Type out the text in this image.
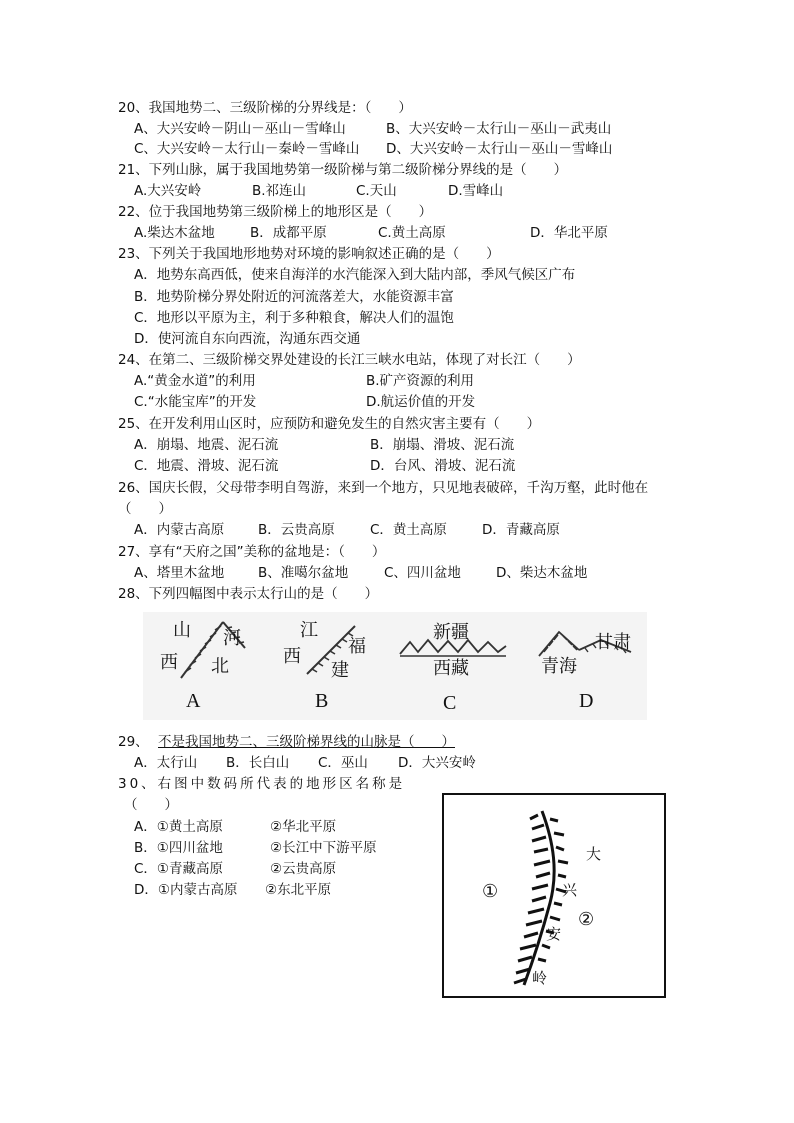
20、我国地势二、三级阶梯的分界线是：（　　）
A、大兴安岭－阴山－巫山－雪峰山	B、大兴安岭－太行山－巫山－武夷山
C、大兴安岭－太行山－秦岭－雪峰山 D、大兴安岭－太行山－巫山－雪峰山
21、下列山脉，属于我国地势第一级阶梯与第二级阶梯分界线的是（　　）
A.大兴安岭	B.祁连山	C.天山	D.雪峰山
22、位于我国地势第三级阶梯上的地形区是（　　）
A.柴达木盆地	B．成都平原	C.黄土高原	D．华北平原
23、下列关于我国地形地势对环境的影响叙述正确的是（　　）
A．地势东高西低，使来自海洋的水汽能深入到大陆内部，季风气候区广布
B．地势阶梯分界处附近的河流落差大，水能资源丰富
C．地形以平原为主，利于多种粮食，解决人们的温饱
D．使河流自东向西流，沟通东西交通
24、在第二、三级阶梯交界处建设的长江三峡水电站，体现了对长江（　　）
A.“黄金水道”的利用	B.矿产资源的利用
C.“水能宝库”的开发	D.航运价值的开发
25、在开发利用山区时，应预防和避免发生的自然灾害主要有（　　）
A．崩塌、地震、泥石流	B．崩塌、滑坡、泥石流
C．地震、滑坡、泥石流	D．台风、滑坡、泥石流
26、国庆长假，父母带李明自驾游，来到一个地方，只见地表破碎，千沟万壑，此时他在
（　　）
A．内蒙古高原	B．云贵高原	C．黄土高原	D．青藏高原
27、享有“天府之国”美称的盆地是：（　　）
A、塔里木盆地	B、准噶尔盆地	C、四川盆地	D、柴达木盆地
28、下列四幅图中表示太行山的是（　　）
山 河
西 北
A
江
福
西
建
B
新疆
西藏
C
甘肃
青海
D
29、 不是我国地势二、三级阶梯界线的山脉是（　　）
A．太行山 B．长白山 C．巫山 D．大兴安岭
30、右图中数码所代表的地形区名称是
（　　）
A．①黄土高原	②华北平原
B．①四川盆地	②长江中下游平原
C．①青藏高原	②云贵高原
D．①内蒙古高原 ②东北平原
大
①	兴
②
安
岭
